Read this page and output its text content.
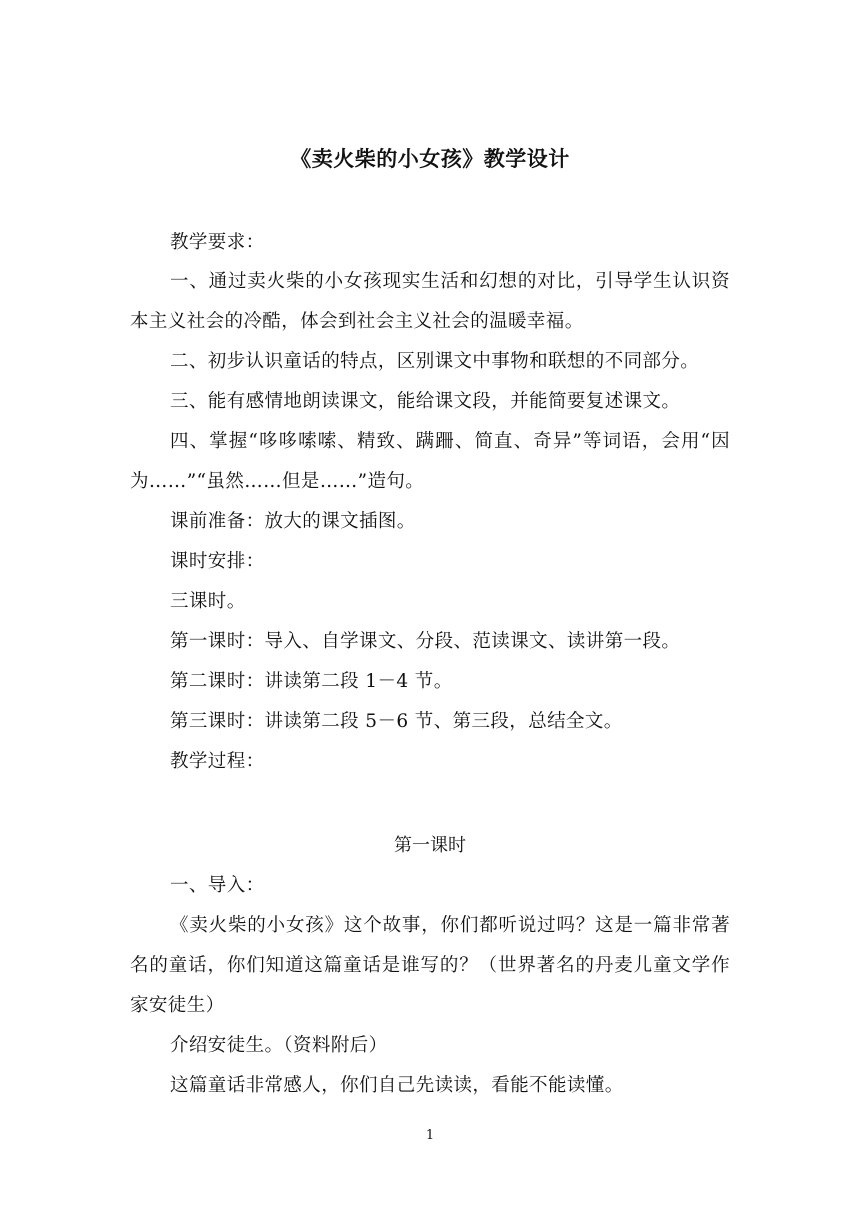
《卖火柴的小女孩》教学设计

教学要求：

一、通过卖火柴的小女孩现实生活和幻想的对比，引导学生认识资本主义社会的冷酷，体会到社会主义社会的温暖幸福。

二、初步认识童话的特点，区别课文中事物和联想的不同部分。

三、能有感情地朗读课文，能给课文段，并能简要复述课文。

四、掌握“哆哆嗦嗦、精致、蹒跚、简直、奇异”等词语，会用“因为……”“虽然……但是……”造句。

课前准备：放大的课文插图。

课时安排：

三课时。

第一课时：导入、自学课文、分段、范读课文、读讲第一段。

第二课时：讲读第二段 1－4 节。

第三课时：讲读第二段 5－6 节、第三段，总结全文。

教学过程：

第一课时

一、导入：

《卖火柴的小女孩》这个故事，你们都听说过吗？这是一篇非常著名的童话，你们知道这篇童话是谁写的？（世界著名的丹麦儿童文学作家安徒生）

介绍安徒生。（资料附后）

这篇童话非常感人，你们自己先读读，看能不能读懂。

1
